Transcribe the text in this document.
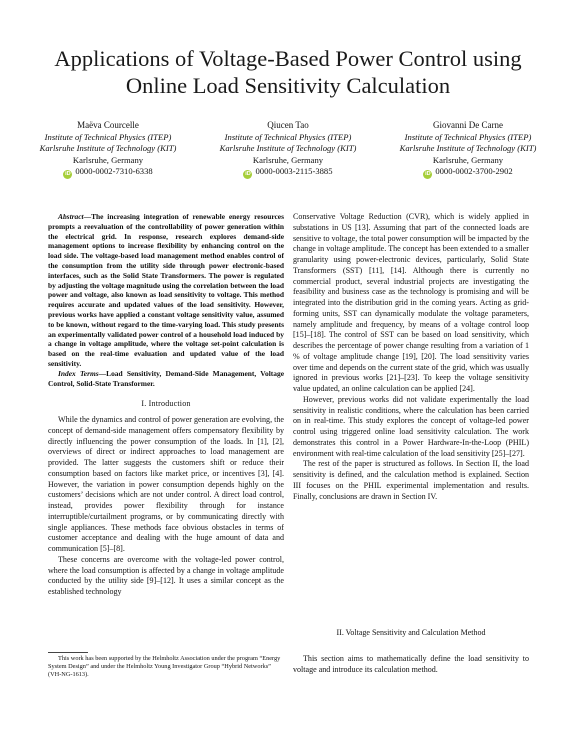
Applications of Voltage-Based Power Control using
Online Load Sensitivity Calculation
Maëva Courcelle
Institute of Technical Physics (ITEP)
Karlsruhe Institute of Technology (KIT)
Karlsruhe, Germany
iD 0000-0002-7310-6338
Qiucen Tao
Institute of Technical Physics (ITEP)
Karlsruhe Institute of Technology (KIT)
Karlsruhe, Germany
iD 0000-0003-2115-3885
Giovanni De Carne
Institute of Technical Physics (ITEP)
Karlsruhe Institute of Technology (KIT)
Karlsruhe, Germany
iD 0000-0002-3700-2902

Abstract—The increasing integration of renewable energy resources prompts a reevaluation of the controllability of power generation within the electrical grid. In response, research explores demand-side management options to increase flexibility by enhancing control on the load side. The voltage-based load management method enables control of the consumption from the utility side through power electronic-based interfaces, such as the Solid State Transformers. The power is regulated by adjusting the voltage magnitude using the correlation between the load power and voltage, also known as load sensitivity to voltage. This method requires accurate and updated values of the load sensitivity. However, previous works have applied a constant voltage sensitivity value, assumed to be known, without regard to the time-varying load. This study presents an experimentally validated power control of a household load induced by a change in voltage amplitude, where the voltage set-point calculation is based on the real-time evaluation and updated value of the load sensitivity.

Index Terms—Load Sensitivity, Demand-Side Management, Voltage Control, Solid-State Transformer.

I. Introduction

While the dynamics and control of power generation are evolving, the concept of demand-side management offers compensatory flexibility by directly influencing the power consumption of the loads. In [1], [2], overviews of direct or indirect approaches to load management are provided. The latter suggests the customers shift or reduce their consumption based on factors like market price, or incentives [3], [4]. However, the variation in power consumption depends highly on the customers’ decisions which are not under control. A direct load control, instead, provides power flexibility through for instance interruptible/curtailment programs, or by communicating directly with single appliances. These methods face obvious obstacles in terms of customer acceptance and dealing with the huge amount of data and communication [5]–[8].

These concerns are overcome with the voltage-led power control, where the load consumption is affected by a change in voltage amplitude conducted by the utility side [9]–[12]. It uses a similar concept as the established technology

This work has been supported by the Helmholtz Association under the program “Energy System Design” and under the Helmholtz Young Investigator Group “Hybrid Networks” (VH-NG-1613).

Conservative Voltage Reduction (CVR), which is widely applied in substations in US [13]. Assuming that part of the connected loads are sensitive to voltage, the total power consumption will be impacted by the change in voltage amplitude. The concept has been extended to a smaller granularity using power-electronic devices, particularly, Solid State Transformers (SST) [11], [14]. Although there is currently no commercial product, several industrial projects are investigating the feasibility and business case as the technology is promising and will be integrated into the distribution grid in the coming years. Acting as grid-forming units, SST can dynamically modulate the voltage parameters, namely amplitude and frequency, by means of a voltage control loop [15]–[18]. The control of SST can be based on load sensitivity, which describes the percentage of power change resulting from a variation of 1 % of voltage amplitude change [19], [20]. The load sensitivity varies over time and depends on the current state of the grid, which was usually ignored in previous works [21]–[23]. To keep the voltage sensitivity value updated, an online calculation can be applied [24].

However, previous works did not validate experimentally the load sensitivity in realistic conditions, where the calculation has been carried on in real-time. This study explores the concept of voltage-led power control using triggered online load sensitivity calculation. The work demonstrates this control in a Power Hardware-In-the-Loop (PHIL) environment with real-time calculation of the load sensitivity [25]–[27].

The rest of the paper is structured as follows. In Section II, the load sensitivity is defined, and the calculation method is explained. Section III focuses on the PHIL experimental implementation and results. Finally, conclusions are drawn in Section IV.

II. Voltage Sensitivity and Calculation Method
This section aims to mathematically define the load sensitivity to voltage and introduce its calculation method.
